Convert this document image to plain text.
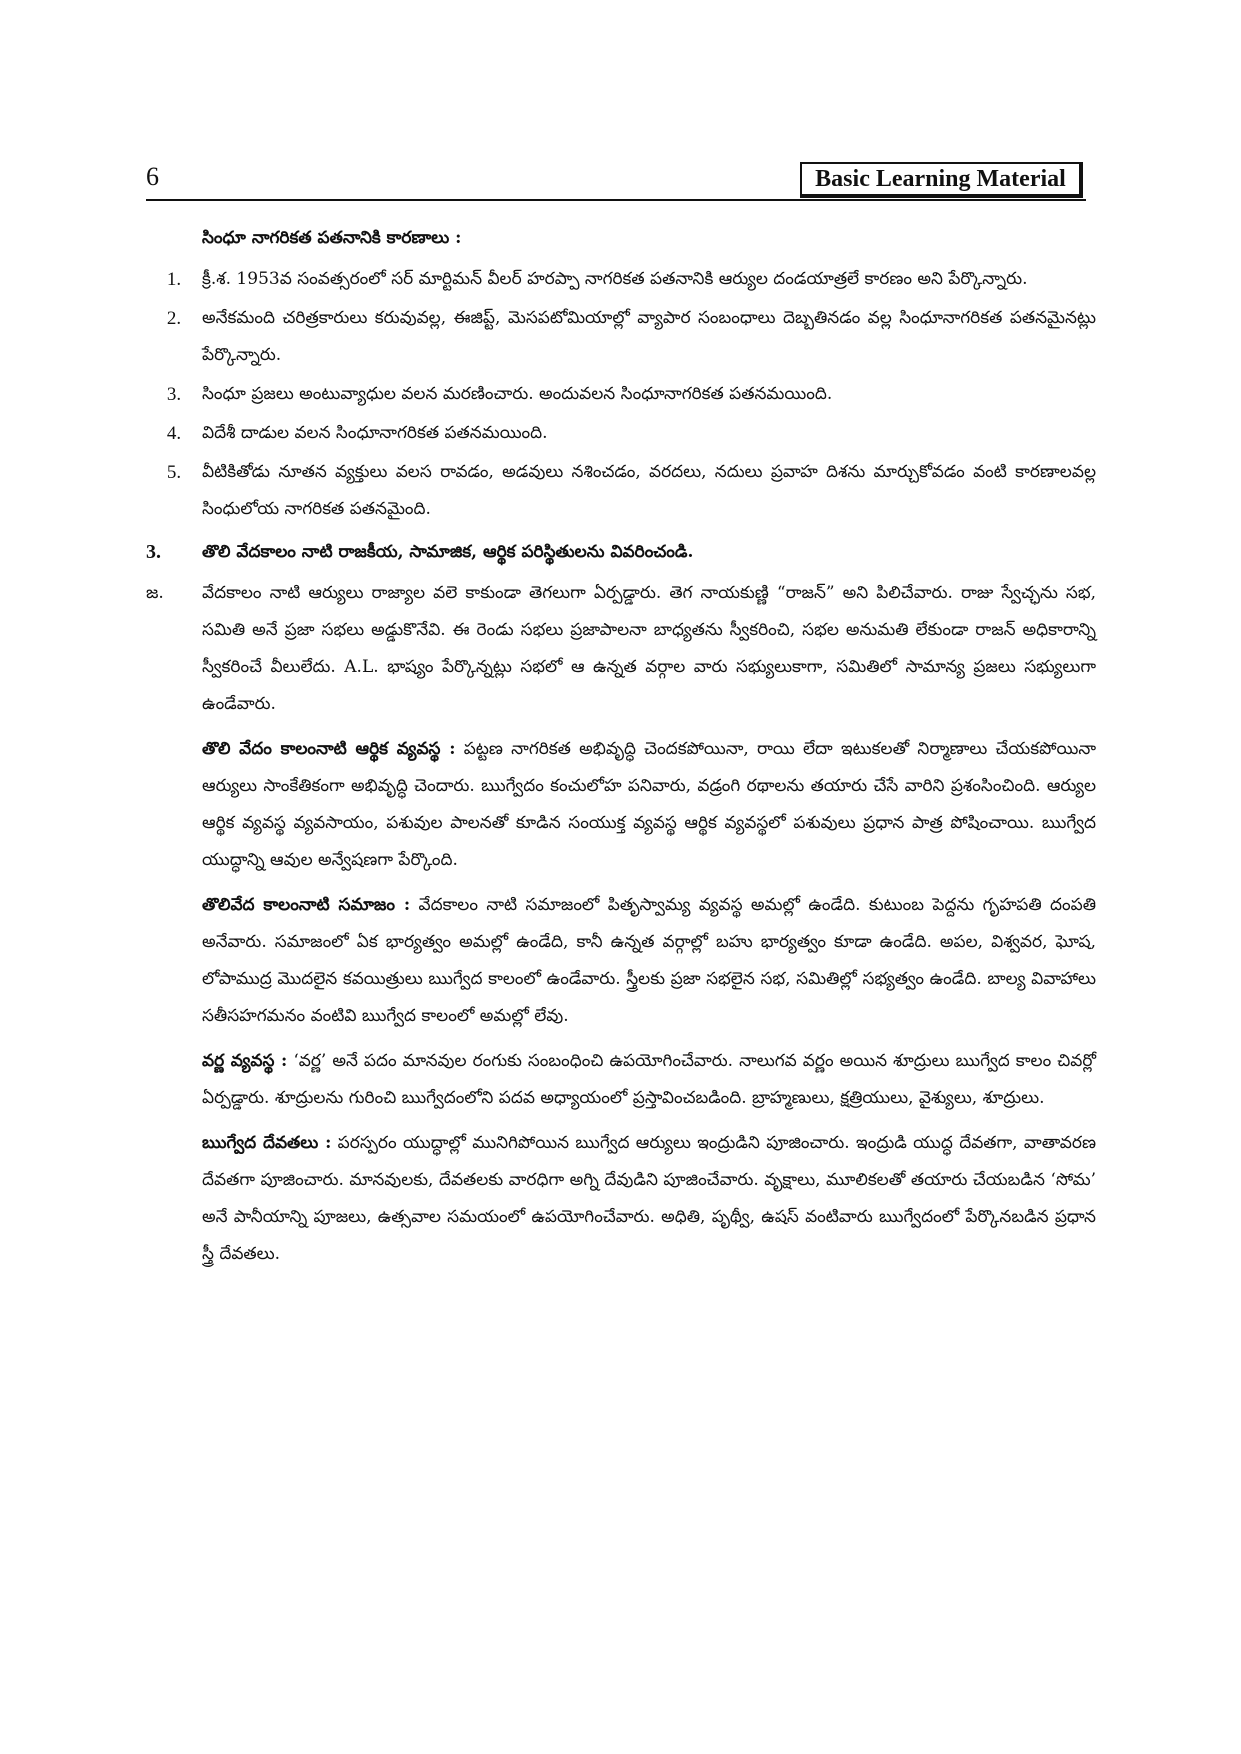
6	Basic Learning Material
సింధూ నాగరికత పతనానికి కారణాలు :
1.	క్రీ.శ. 1953వ సంవత్సరంలో సర్ మార్టిమన్ వీలర్ హరప్పా నాగరికత పతనానికి ఆర్యుల దండయాత్రలే కారణం అని పేర్కొన్నారు.
2.	అనేకమంది చరిత్రకారులు కరువువల్ల, ఈజిప్ట్, మెసపటోమియాల్లో వ్యాపార సంబంధాలు దెబ్బతినడం వల్ల సింధూనాగరికత పతనమైనట్లు పేర్కొన్నారు.
3.	సింధూ ప్రజలు అంటువ్యాధుల వలన మరణించారు. అందువలన సింధూనాగరికత పతనమయింది.
4.	విదేశీ దాడుల వలన సింధూనాగరికత పతనమయింది.
5.	వీటికితోడు నూతన వ్యక్తులు వలస రావడం, అడవులు నశించడం, వరదలు, నదులు ప్రవాహ దిశను మార్చుకోవడం వంటి కారణాలవల్ల సింధులోయ నాగరికత పతనమైంది.
3.	తొలి వేదకాలం నాటి రాజకీయ, సామాజిక, ఆర్థిక పరిస్థితులను వివరించండి.
జ.	వేదకాలం నాటి ఆర్యులు రాజ్యాల వలె కాకుండా తెగలుగా ఏర్పడ్డారు. తెగ నాయకుణ్ణి “రాజన్” అని పిలిచేవారు. రాజు స్వేచ్ఛను సభ, సమితి అనే ప్రజా సభలు అడ్డుకొనేవి. ఈ రెండు సభలు ప్రజాపాలనా బాధ్యతను స్వీకరించి, సభల అనుమతి లేకుండా రాజన్ అధికారాన్ని స్వీకరించే వీలులేదు. A.L. భాష్యం పేర్కొన్నట్లు సభలో ఆ ఉన్నత వర్గాల వారు సభ్యులుకాగా, సమితిలో సామాన్య ప్రజలు సభ్యులుగా ఉండేవారు.
తొలి వేదం కాలంనాటి ఆర్థిక వ్యవస్థ : పట్టణ నాగరికత అభివృద్ధి చెందకపోయినా, రాయి లేదా ఇటుకలతో నిర్మాణాలు చేయకపోయినా ఆర్యులు సాంకేతికంగా అభివృద్ధి చెందారు. ఋగ్వేదం కంచులోహ పనివారు, వడ్రంగి రథాలను తయారు చేసే వారిని ప్రశంసించింది. ఆర్యుల ఆర్థిక వ్యవస్థ వ్యవసాయం, పశువుల పాలనతో కూడిన సంయుక్త వ్యవస్థ ఆర్థిక వ్యవస్థలో పశువులు ప్రధాన పాత్ర పోషించాయి. ఋగ్వేద యుద్ధాన్ని ఆవుల అన్వేషణగా పేర్కొంది.
తొలివేద కాలంనాటి సమాజం : వేదకాలం నాటి సమాజంలో పితృస్వామ్య వ్యవస్థ అమల్లో ఉండేది. కుటుంబ పెద్దను గృహపతి దంపతి అనేవారు. సమాజంలో ఏక భార్యత్వం అమల్లో ఉండేది, కానీ ఉన్నత వర్గాల్లో బహు భార్యత్వం కూడా ఉండేది. అపల, విశ్వవర, ఘోష, లోపాముద్ర మొదలైన కవయిత్రులు ఋగ్వేద కాలంలో ఉండేవారు. స్త్రీలకు ప్రజా సభలైన సభ, సమితిల్లో సభ్యత్వం ఉండేది. బాల్య వివాహాలు సతీసహగమనం వంటివి ఋగ్వేద కాలంలో అమల్లో లేవు.
వర్ణ వ్యవస్థ : ‘వర్ణ’ అనే పదం మానవుల రంగుకు సంబంధించి ఉపయోగించేవారు. నాలుగవ వర్ణం అయిన శూద్రులు ఋగ్వేద కాలం చివర్లో ఏర్పడ్డారు. శూద్రులను గురించి ఋగ్వేదంలోని పదవ అధ్యాయంలో ప్రస్తావించబడింది. బ్రాహ్మణులు, క్షత్రియులు, వైశ్యులు, శూద్రులు.
ఋగ్వేద దేవతలు : పరస్పరం యుద్ధాల్లో మునిగిపోయిన ఋగ్వేద ఆర్యులు ఇంద్రుడిని పూజించారు. ఇంద్రుడి యుద్ధ దేవతగా, వాతావరణ దేవతగా పూజించారు. మానవులకు, దేవతలకు వారధిగా అగ్ని దేవుడిని పూజించేవారు. వృక్షాలు, మూలికలతో తయారు చేయబడిన ‘సోమ’ అనే పానీయాన్ని పూజలు, ఉత్సవాల సమయంలో ఉపయోగించేవారు. అధితి, పృథ్వీ, ఉషస్ వంటివారు ఋగ్వేదంలో పేర్కొనబడిన ప్రధాన స్త్రీ దేవతలు.
